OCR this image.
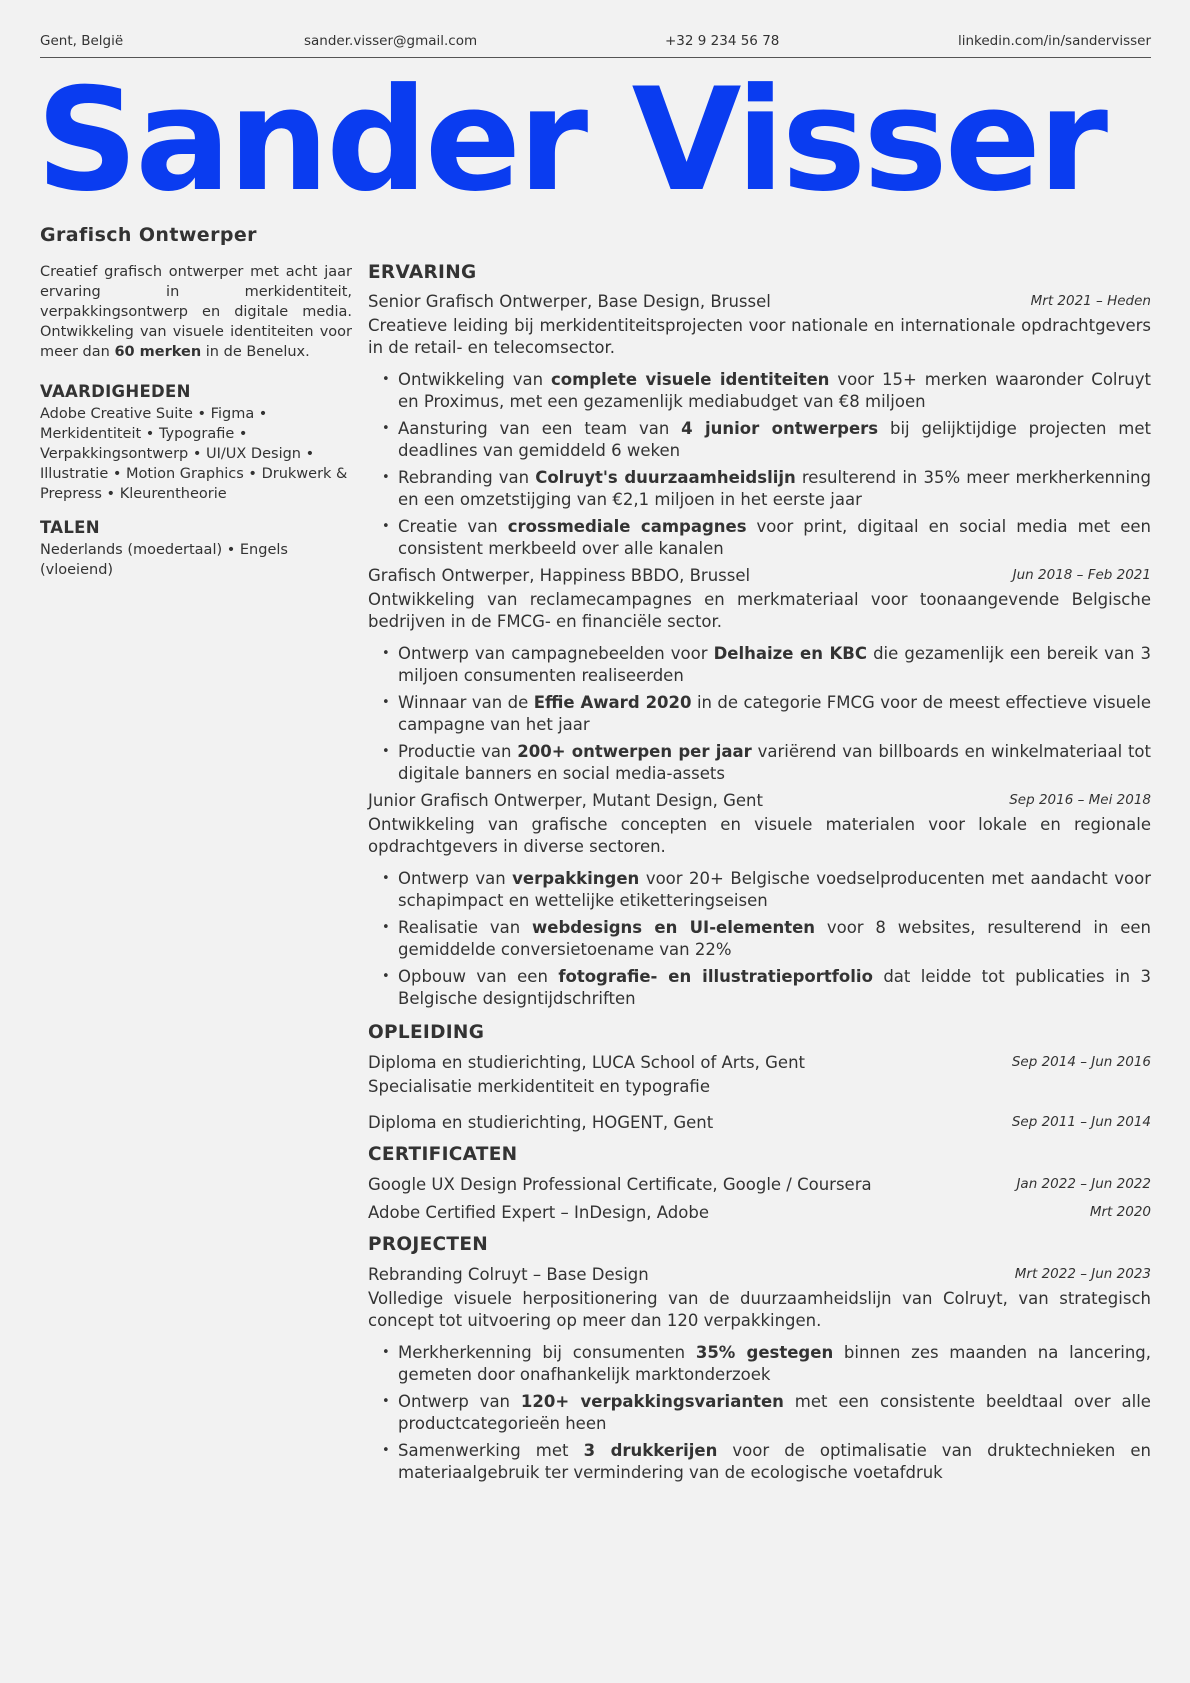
Gent, België	sander.visser@gmail.com	+32 9 234 56 78	linkedin.com/in/sandervisser
Sander Visser
Grafisch Ontwerper

Creatief grafisch ontwerper met acht jaar ervaring in merkidentiteit, verpakkingsontwerp en digitale media. Ontwikkeling van visuele identiteiten voor meer dan 60 merken in de Benelux.

VAARDIGHEDEN

Adobe Creative Suite • Figma • Merkidentiteit • Typografie • Verpakkingsontwerp • UI/UX Design • Illustratie • Motion Graphics • Drukwerk & Prepress • Kleurentheorie

TALEN

Nederlands (moedertaal) • Engels (vloeiend)

ERVARING
Senior Grafisch Ontwerper, Base Design, Brussel	Mrt 2021 – Heden

Creatieve leiding bij merkidentiteitsprojecten voor nationale en internationale opdrachtgevers in de retail- en telecomsector.

• Ontwikkeling van complete visuele identiteiten voor 15+ merken waaronder Colruyt en Proximus, met een gezamenlijk mediabudget van €8 miljoen
• Aansturing van een team van 4 junior ontwerpers bij gelijktijdige projecten met deadlines van gemiddeld 6 weken
• Rebranding van Colruyt's duurzaamheidslijn resulterend in 35% meer merkherkenning en een omzetstijging van €2,1 miljoen in het eerste jaar
• Creatie van crossmediale campagnes voor print, digitaal en social media met een consistent merkbeeld over alle kanalen
Grafisch Ontwerper, Happiness BBDO, Brussel	Jun 2018 – Feb 2021

Ontwikkeling van reclamecampagnes en merkmateriaal voor toonaangevende Belgische bedrijven in de FMCG- en financiële sector.

• Ontwerp van campagnebeelden voor Delhaize en KBC die gezamenlijk een bereik van 3 miljoen consumenten realiseerden
• Winnaar van de Effie Award 2020 in de categorie FMCG voor de meest effectieve visuele campagne van het jaar
• Productie van 200+ ontwerpen per jaar variërend van billboards en winkelmateriaal tot digitale banners en social media-assets
Junior Grafisch Ontwerper, Mutant Design, Gent	Sep 2016 – Mei 2018

Ontwikkeling van grafische concepten en visuele materialen voor lokale en regionale opdrachtgevers in diverse sectoren.

• Ontwerp van verpakkingen voor 20+ Belgische voedselproducenten met aandacht voor schapimpact en wettelijke etiketteringseisen
• Realisatie van webdesigns en UI-elementen voor 8 websites, resulterend in een gemiddelde conversietoename van 22%
• Opbouw van een fotografie- en illustratieportfolio dat leidde tot publicaties in 3 Belgische designtijdschriften
OPLEIDING
Diploma en studierichting, LUCA School of Arts, Gent	Sep 2014 – Jun 2016

Specialisatie merkidentiteit en typografie

Diploma en studierichting, HOGENT, Gent	Sep 2011 – Jun 2014
CERTIFICATEN
Google UX Design Professional Certificate, Google / Coursera	Jan 2022 – Jun 2022
Adobe Certified Expert – InDesign, Adobe	Mrt 2020
PROJECTEN
Rebranding Colruyt – Base Design	Mrt 2022 – Jun 2023

Volledige visuele herpositionering van de duurzaamheidslijn van Colruyt, van strategisch concept tot uitvoering op meer dan 120 verpakkingen.

• Merkherkenning bij consumenten 35% gestegen binnen zes maanden na lancering, gemeten door onafhankelijk marktonderzoek
• Ontwerp van 120+ verpakkingsvarianten met een consistente beeldtaal over alle productcategorieën heen
• Samenwerking met 3 drukkerijen voor de optimalisatie van druktechnieken en materiaalgebruik ter vermindering van de ecologische voetafdruk
